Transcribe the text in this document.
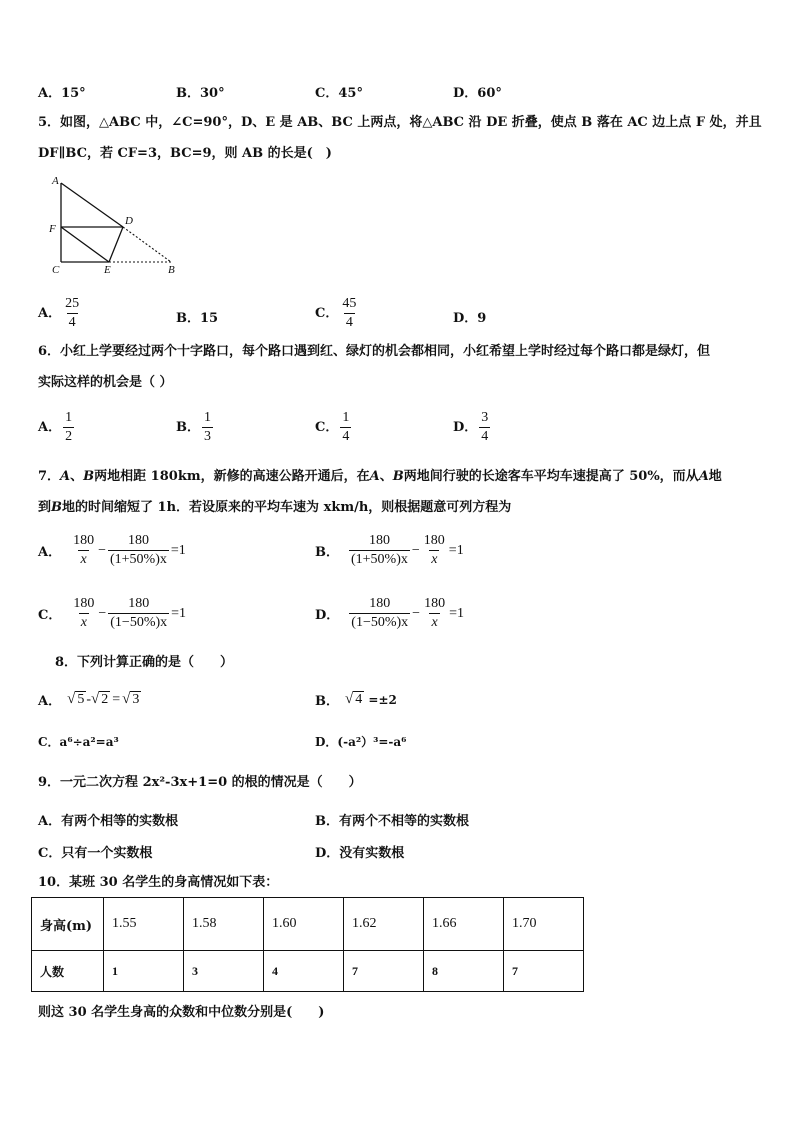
A．15°	B．30°	C．45°	D．60°
5．如图，△ABC 中，∠C=90°，D、E 是 AB、BC 上两点，将△ABC 沿 DE 折叠，使点 B 落在 AC 边上点 F 处，并且
DF∥BC，若 CF=3，BC=9，则 AB 的长是(　)
A
F
C	E
D
B
A． $\frac{25}{4}$	B．15	C． $\frac{45}{4}$	D．9
6．小红上学要经过两个十字路口，每个路口遇到红、绿灯的机会都相同，小红希望上学时经过每个路口都是绿灯，但
实际这样的机会是（ ）
A． $\frac{1}{2}$	B． $\frac{1}{3}$	C． $\frac{1}{4}$	D． $\frac{3}{4}$
7．A、B两地相距 180km，新修的高速公路开通后，在A、B两地间行驶的长途客车平均车速提高了 50%，而从A地
到B地的时间缩短了 1h．若设原来的平均车速为 xkm/h，则根据题意可列方程为
A． $\frac{180}{x} - \frac{180}{(1+50\%)x} =1$	B． $\frac{180}{(1+50\%)x} - \frac{180}{x} =1$
C． $\frac{180}{x} - \frac{180}{(1-50\%)x} =1$	D． $\frac{180}{(1-50\%)x} - \frac{180}{x} =1$
8．下列计算正确的是（　　）
A． √ 5 - √ 2 = √ 3	B． √ 4 =±2
C．a⁶÷a²=a³	D．(-a²）³=-a⁶
9．一元二次方程 2x²-3x+1=0 的根的情况是（　　）
A．有两个相等的实数根	B．有两个不相等的实数根
C．只有一个实数根	D．没有实数根
10．某班 30 名学生的身高情况如下表：
身高(m)	1.55	1.58	1.60	1.62	1.66	1.70
人数	1	3	4	7	8	7
则这 30 名学生身高的众数和中位数分别是(　　)
